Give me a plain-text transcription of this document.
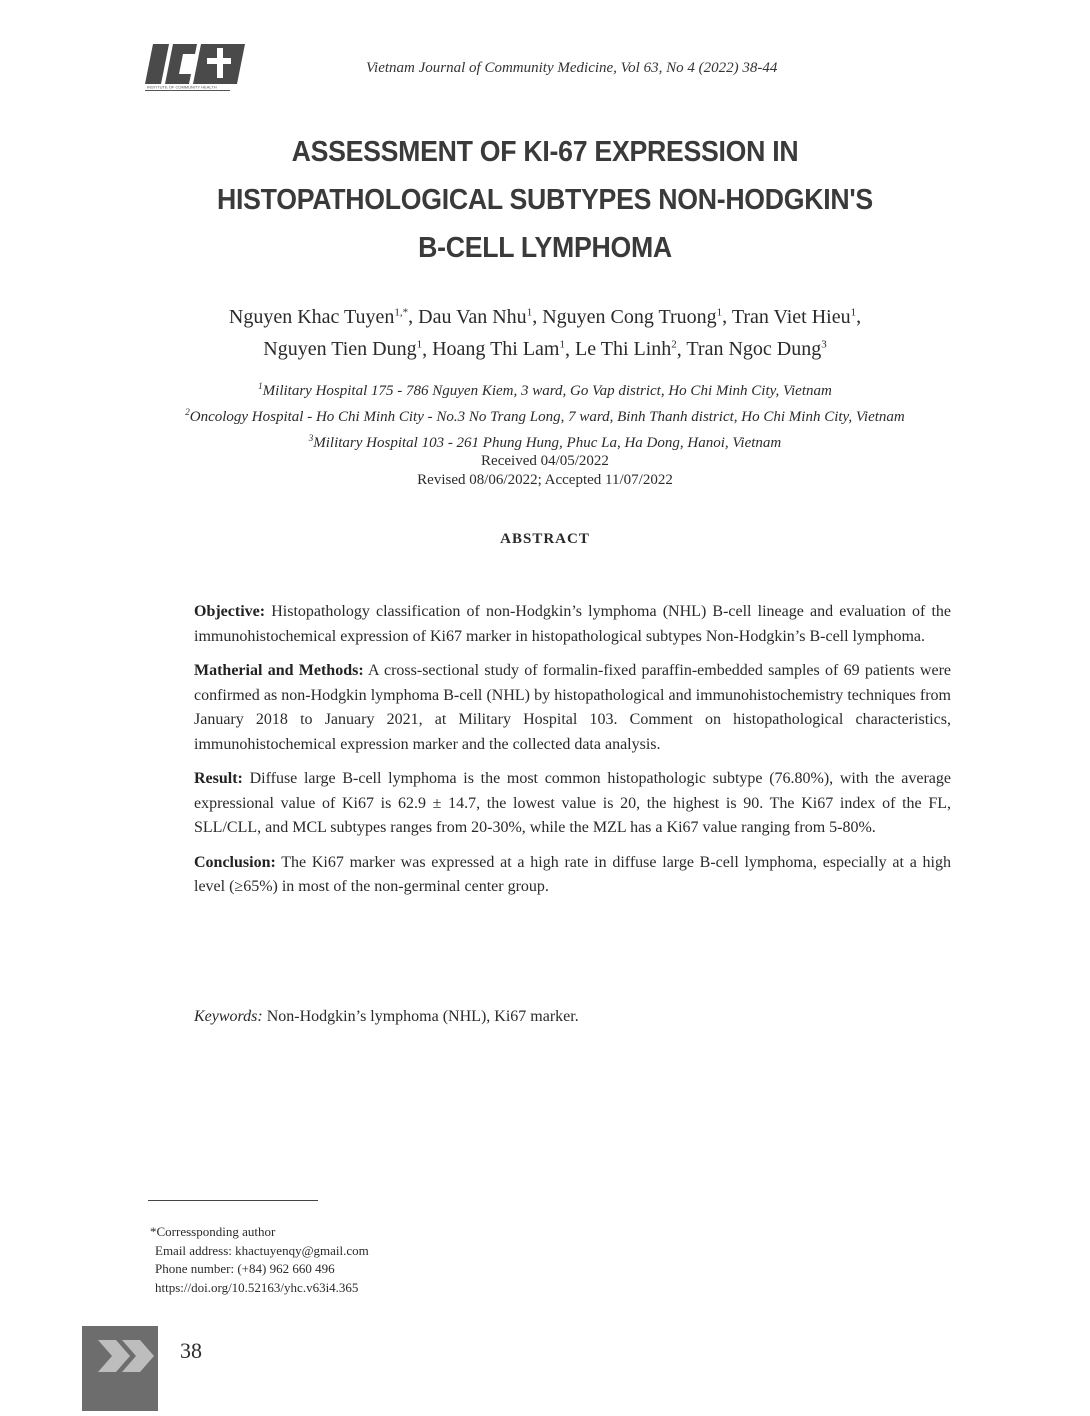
INSTITUTE OF COMMUNITY HEALTH
Vietnam Journal of Community Medicine, Vol 63, No 4 (2022) 38-44
ASSESSMENT OF KI-67 EXPRESSION IN
HISTOPATHOLOGICAL SUBTYPES NON-HODGKIN'S
B-CELL LYMPHOMA
Nguyen Khac Tuyen$^{1,*}$, Dau Van Nhu$^1$, Nguyen Cong Truong$^1$, Tran Viet Hieu$^1$,
Nguyen Tien Dung$^1$, Hoang Thi Lam$^1$, Le Thi Linh$^2$, Tran Ngoc Dung$^3$
$^1$Military Hospital 175 - 786 Nguyen Kiem, 3 ward, Go Vap district, Ho Chi Minh City, Vietnam
$^2$Oncology Hospital - Ho Chi Minh City - No.3 No Trang Long, 7 ward, Binh Thanh district, Ho Chi Minh City, Vietnam
$^3$Military Hospital 103 - 261 Phung Hung, Phuc La, Ha Dong, Hanoi, Vietnam
Received 04/05/2022
Revised 08/06/2022; Accepted 11/07/2022
ABSTRACT

Objective: Histopathology classification of non-Hodgkin’s lymphoma (NHL) B-cell lineage and evaluation of the immunohistochemical expression of Ki67 marker in histopathological subtypes Non-Hodgkin’s B-cell lymphoma.

Matherial and Methods: A cross-sectional study of formalin-fixed paraffin-embedded samples of 69 patients were confirmed as non-Hodgkin lymphoma B-cell (NHL) by histopathological and immunohistochemistry techniques from January 2018 to January 2021, at Military Hospital 103. Comment on histopathological characteristics, immunohistochemical expression marker and the collected data analysis.

Result: Diffuse large B-cell lymphoma is the most common histopathologic subtype (76.80%), with the average expressional value of Ki67 is 62.9 ± 14.7, the lowest value is 20, the highest is 90. The Ki67 index of the FL, SLL/CLL, and MCL subtypes ranges from 20-30%, while the MZL has a Ki67 value ranging from 5-80%.

Conclusion: The Ki67 marker was expressed at a high rate in diffuse large B-cell lymphoma, especially at a high level (≥65%) in most of the non-germinal center group.

Keywords: Non-Hodgkin’s lymphoma (NHL), Ki67 marker.
*Corressponding author
Email address: khactuyenqy@gmail.com
Phone number: (+84) 962 660 496
https://doi.org/10.52163/yhc.v63i4.365
38
